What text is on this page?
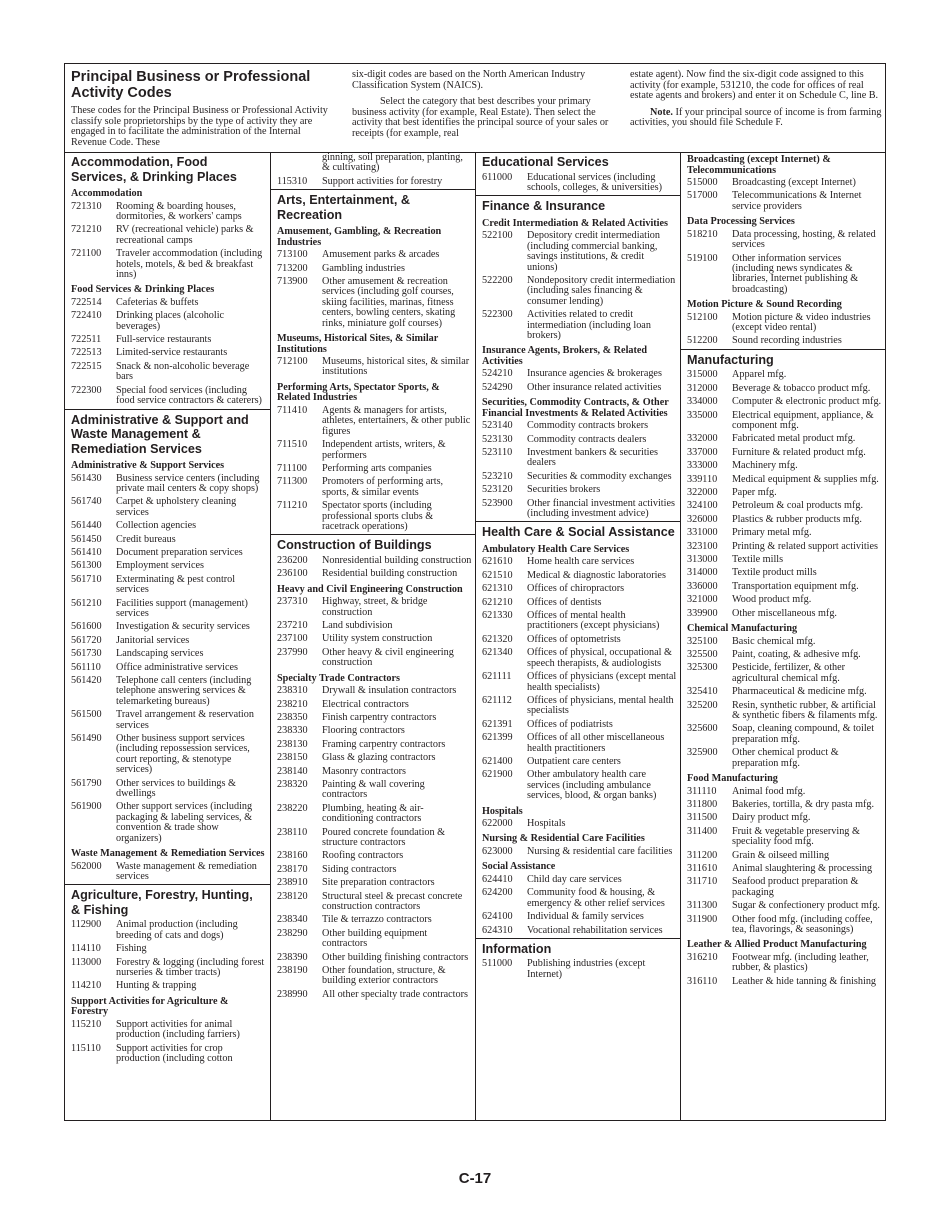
Principal Business or Professional Activity Codes

These codes for the Principal Business or Professional Activity classify sole proprietorships by the type of activity they are engaged in to facilitate the administration of the Internal Revenue Code. These

six-digit codes are based on the North American Industry Classification System (NAICS).

Select the category that best describes your primary business activity (for example, Real Estate). Then select the activity that best identifies the principal source of your sales or receipts (for example, real

estate agent). Now find the six-digit code assigned to this activity (for example, 531210, the code for offices of real estate agents and brokers) and enter it on Schedule C, line B.

Note. If your principal source of income is from farming activities, you should file Schedule F.

Accommodation, Food Services, & Drinking Places
Accommodation
721310	Rooming & boarding houses, dormitories, & workers' camps
721210	RV (recreational vehicle) parks & recreational camps
721100	Traveler accommodation (including hotels, motels, & bed & breakfast inns)
Food Services & Drinking Places
722514	Cafeterias & buffets
722410	Drinking places (alcoholic beverages)
722511	Full-service restaurants
722513	Limited-service restaurants
722515	Snack & non-alcoholic beverage bars
722300	Special food services (including food service contractors & caterers)
Administrative & Support and Waste Management & Remediation Services
Administrative & Support Services
561430	Business service centers (including private mail centers & copy shops)
561740	Carpet & upholstery cleaning services
561440	Collection agencies
561450	Credit bureaus
561410	Document preparation services
561300	Employment services
561710	Exterminating & pest control services
561210	Facilities support (management) services
561600	Investigation & security services
561720	Janitorial services
561730	Landscaping services
561110	Office administrative services
561420	Telephone call centers (including telephone answering services & telemarketing bureaus)
561500	Travel arrangement & reservation services
561490	Other business support services (including repossession services, court reporting, & stenotype services)
561790	Other services to buildings & dwellings
561900	Other support services (including packaging & labeling services, & convention & trade show organizers)
Waste Management & Remediation Services
562000	Waste management & remediation services
Agriculture, Forestry, Hunting, & Fishing
112900	Animal production (including breeding of cats and dogs)
114110	Fishing
113000	Forestry & logging (including forest nurseries & timber tracts)
114210	Hunting & trapping
Support Activities for Agriculture & Forestry
115210	Support activities for animal production (including farriers)
115110	Support activities for crop production (including cotton
ginning, soil preparation, planting, & cultivating)
115310	Support activities for forestry
Arts, Entertainment, & Recreation
Amusement, Gambling, & Recreation Industries
713100	Amusement parks & arcades
713200	Gambling industries
713900	Other amusement & recreation services (including golf courses, skiing facilities, marinas, fitness centers, bowling centers, skating rinks, miniature golf courses)
Museums, Historical Sites, & Similar Institutions
712100	Museums, historical sites, & similar institutions
Performing Arts, Spectator Sports, & Related Industries
711410	Agents & managers for artists, athletes, entertainers, & other public figures
711510	Independent artists, writers, & performers
711100	Performing arts companies
711300	Promoters of performing arts, sports, & similar events
711210	Spectator sports (including professional sports clubs & racetrack operations)
Construction of Buildings
236200	Nonresidential building construction
236100	Residential building construction
Heavy and Civil Engineering Construction
237310	Highway, street, & bridge construction
237210	Land subdivision
237100	Utility system construction
237990	Other heavy & civil engineering construction
Specialty Trade Contractors
238310	Drywall & insulation contractors
238210	Electrical contractors
238350	Finish carpentry contractors
238330	Flooring contractors
238130	Framing carpentry contractors
238150	Glass & glazing contractors
238140	Masonry contractors
238320	Painting & wall covering contractors
238220	Plumbing, heating & air-conditioning contractors
238110	Poured concrete foundation & structure contractors
238160	Roofing contractors
238170	Siding contractors
238910	Site preparation contractors
238120	Structural steel & precast concrete construction contractors
238340	Tile & terrazzo contractors
238290	Other building equipment contractors
238390	Other building finishing contractors
238190	Other foundation, structure, & building exterior contractors
238990	All other specialty trade contractors
Educational Services
611000	Educational services (including schools, colleges, & universities)
Finance & Insurance
Credit Intermediation & Related Activities
522100	Depository credit intermediation (including commercial banking, savings institutions, & credit unions)
522200	Nondepository credit intermediation (including sales financing & consumer lending)
522300	Activities related to credit intermediation (including loan brokers)
Insurance Agents, Brokers, & Related Activities
524210	Insurance agencies & brokerages
524290	Other insurance related activities
Securities, Commodity Contracts, & Other Financial Investments & Related Activities
523140	Commodity contracts brokers
523130	Commodity contracts dealers
523110	Investment bankers & securities dealers
523210	Securities & commodity exchanges
523120	Securities brokers
523900	Other financial investment activities (including investment advice)
Health Care & Social Assistance
Ambulatory Health Care Services
621610	Home health care services
621510	Medical & diagnostic laboratories
621310	Offices of chiropractors
621210	Offices of dentists
621330	Offices of mental health practitioners (except physicians)
621320	Offices of optometrists
621340	Offices of physical, occupational & speech therapists, & audiologists
621111	Offices of physicians (except mental health specialists)
621112	Offices of physicians, mental health specialists
621391	Offices of podiatrists
621399	Offices of all other miscellaneous health practitioners
621400	Outpatient care centers
621900	Other ambulatory health care services (including ambulance services, blood, & organ banks)
Hospitals
622000	Hospitals
Nursing & Residential Care Facilities
623000	Nursing & residential care facilities
Social Assistance
624410	Child day care services
624200	Community food & housing, & emergency & other relief services
624100	Individual & family services
624310	Vocational rehabilitation services
Information
511000	Publishing industries (except Internet)
Broadcasting (except Internet) & Telecommunications
515000	Broadcasting (except Internet)
517000	Telecommunications & Internet service providers
Data Processing Services
518210	Data processing, hosting, & related services
519100	Other information services (including news syndicates & libraries, Internet publishing & broadcasting)
Motion Picture & Sound Recording
512100	Motion picture & video industries (except video rental)
512200	Sound recording industries
Manufacturing
315000	Apparel mfg.
312000	Beverage & tobacco product mfg.
334000	Computer & electronic product mfg.
335000	Electrical equipment, appliance, & component mfg.
332000	Fabricated metal product mfg.
337000	Furniture & related product mfg.
333000	Machinery mfg.
339110	Medical equipment & supplies mfg.
322000	Paper mfg.
324100	Petroleum & coal products mfg.
326000	Plastics & rubber products mfg.
331000	Primary metal mfg.
323100	Printing & related support activities
313000	Textile mills
314000	Textile product mills
336000	Transportation equipment mfg.
321000	Wood product mfg.
339900	Other miscellaneous mfg.
Chemical Manufacturing
325100	Basic chemical mfg.
325500	Paint, coating, & adhesive mfg.
325300	Pesticide, fertilizer, & other agricultural chemical mfg.
325410	Pharmaceutical & medicine mfg.
325200	Resin, synthetic rubber, & artificial & synthetic fibers & filaments mfg.
325600	Soap, cleaning compound, & toilet preparation mfg.
325900	Other chemical product & preparation mfg.
Food Manufacturing
311110	Animal food mfg.
311800	Bakeries, tortilla, & dry pasta mfg.
311500	Dairy product mfg.
311400	Fruit & vegetable preserving & speciality food mfg.
311200	Grain & oilseed milling
311610	Animal slaughtering & processing
311710	Seafood product preparation & packaging
311300	Sugar & confectionery product mfg.
311900	Other food mfg. (including coffee, tea, flavorings, & seasonings)
Leather & Allied Product Manufacturing
316210	Footwear mfg. (including leather, rubber, & plastics)
316110	Leather & hide tanning & finishing
C-17
